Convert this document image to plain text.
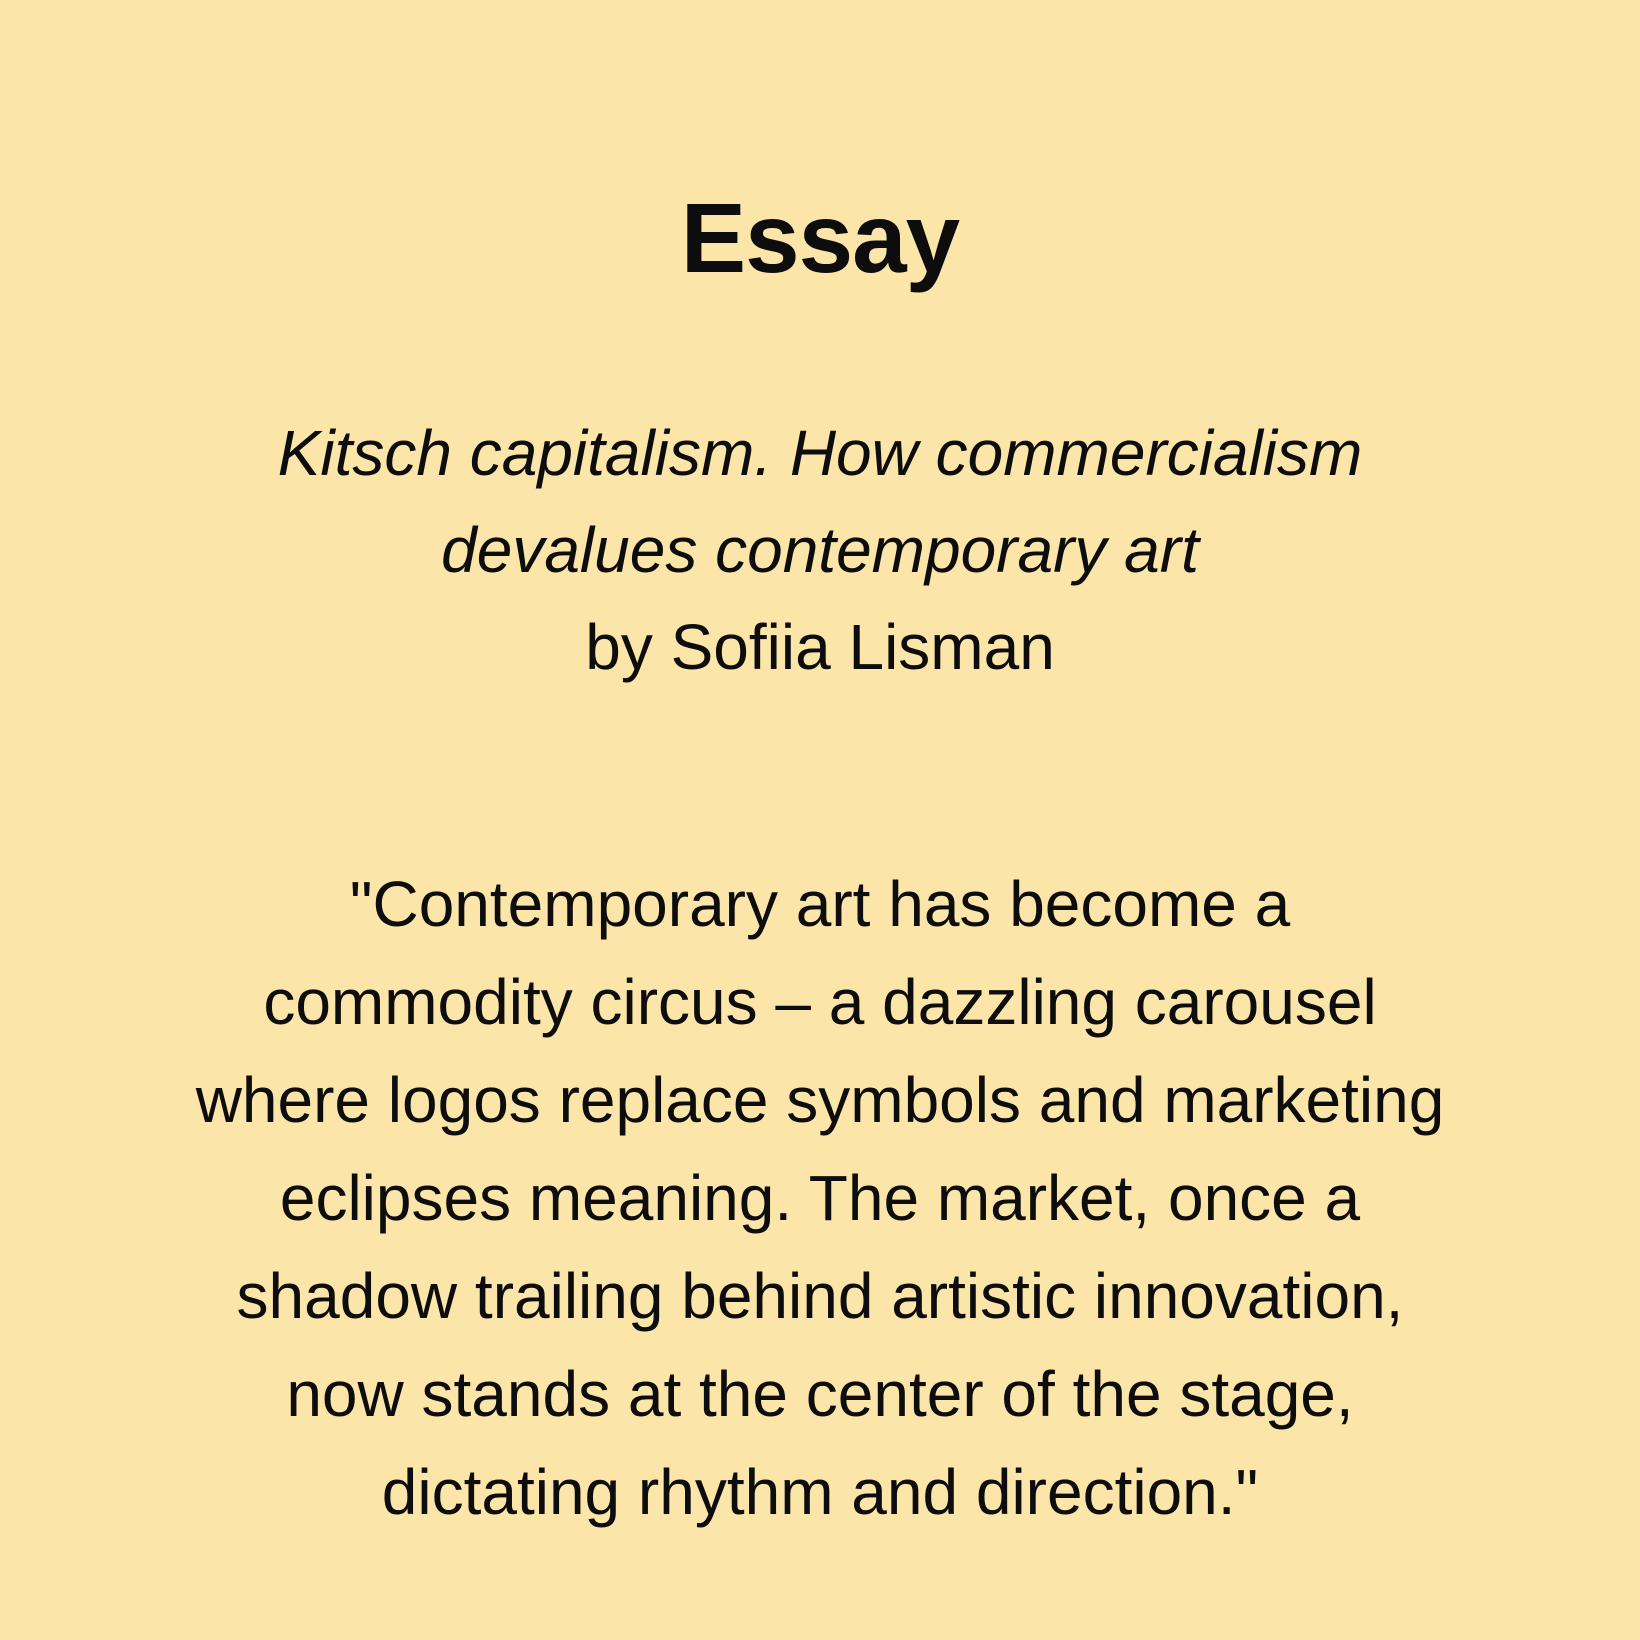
Essay
Kitsch capitalism. How commercialism
devalues contemporary art
by Sofiia Lisman
"Contemporary art has become a
commodity circus – a dazzling carousel
where logos replace symbols and marketing
eclipses meaning. The market, once a
shadow trailing behind artistic innovation,
now stands at the center of the stage,
dictating rhythm and direction."
